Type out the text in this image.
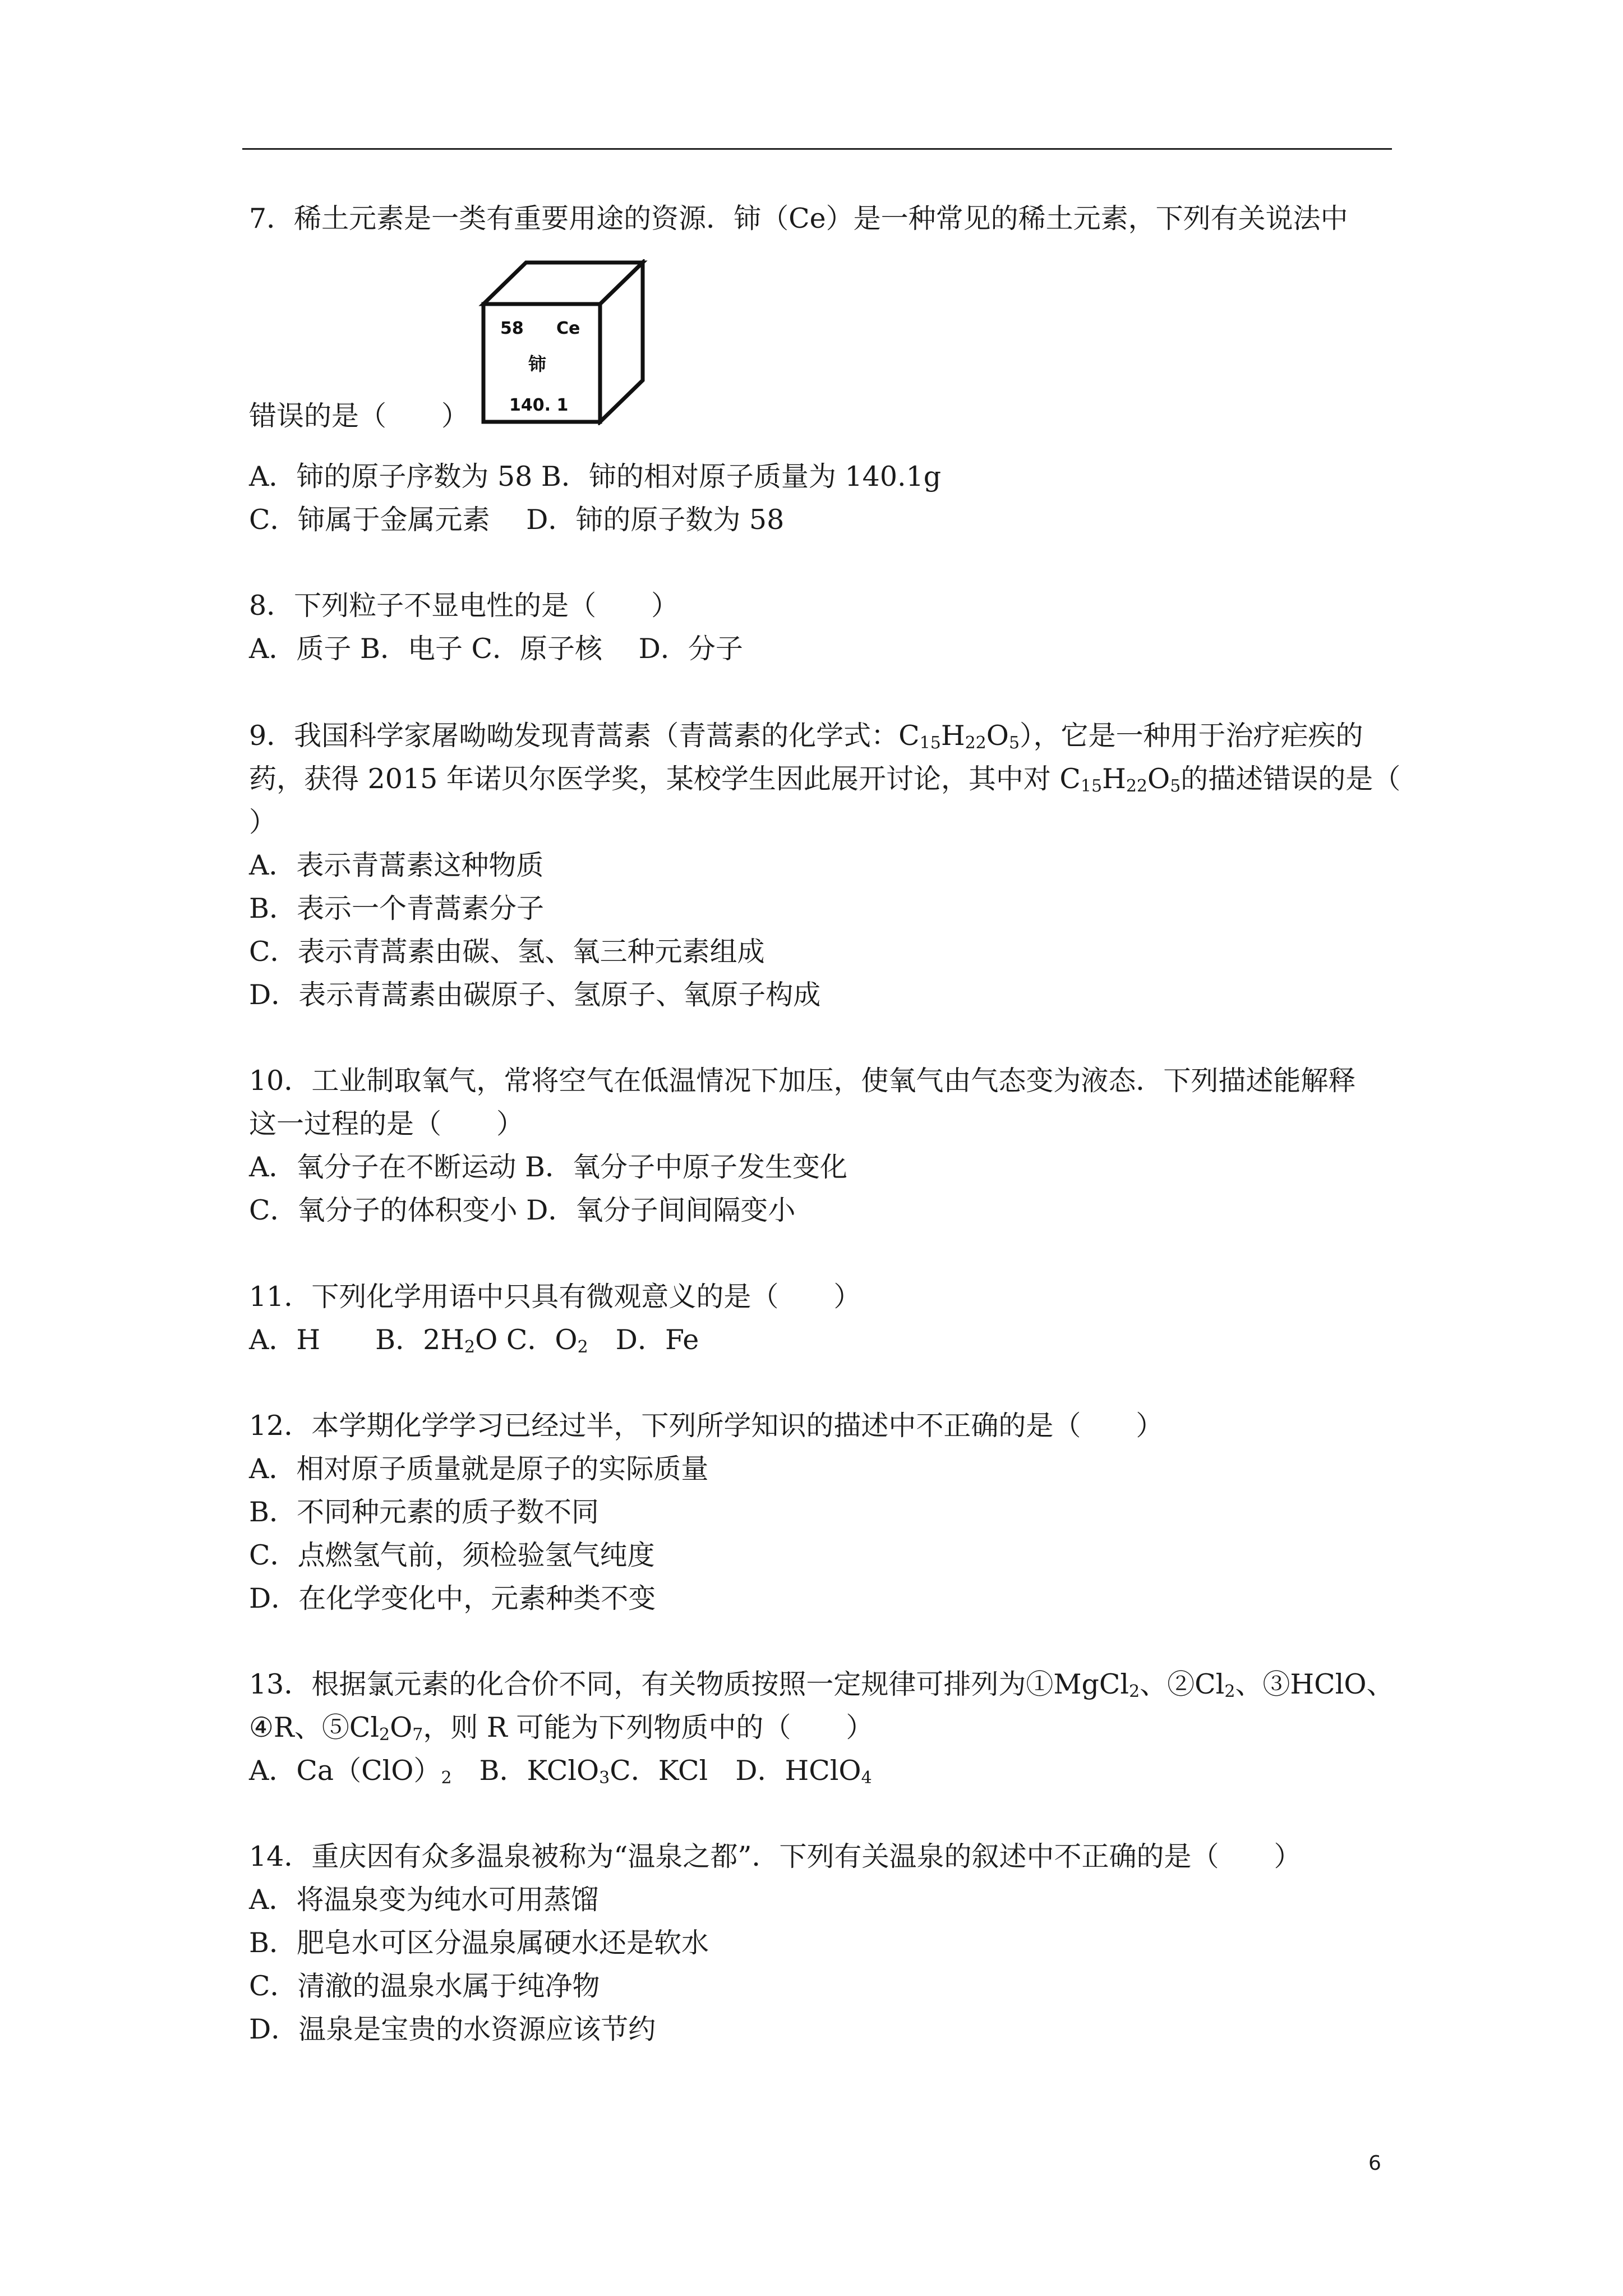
7．稀土元素是一类有重要用途的资源．铈（Ce）是一种常见的稀土元素，下列有关说法中
58 Ce
铈
140. 1
错误的是（　　）
A．铈的原子序数为 58 B．铈的相对原子质量为 140.1g
C．铈属于金属元素　 D．铈的原子数为 58
8．下列粒子不显电性的是（　　）
A．质子 B．电子 C．原子核　 D．分子
9．我国科学家屠呦呦发现青蒿素（青蒿素的化学式：$C_{15}H_{22}O_5$），它是一种用于治疗疟疾的
药，获得 2015 年诺贝尔医学奖，某校学生因此展开讨论，其中对 $C_{15}H_{22}O_5$的描述错误的是（
）
A．表示青蒿素这种物质
B．表示一个青蒿素分子
C．表示青蒿素由碳、氢、氧三种元素组成
D．表示青蒿素由碳原子、氢原子、氧原子构成
10．工业制取氧气，常将空气在低温情况下加压，使氧气由气态变为液态．下列描述能解释
这一过程的是（　　）
A．氧分子在不断运动 B．氧分子中原子发生变化
C．氧分子的体积变小 D．氧分子间间隔变小
11．下列化学用语中只具有微观意义的是（　　）
A．H　　B．$2H_2O$ C．$O_2$　D．Fe
12．本学期化学学习已经过半，下列所学知识的描述中不正确的是（　　）
A．相对原子质量就是原子的实际质量
B．不同种元素的质子数不同
C．点燃氢气前，须检验氢气纯度
D．在化学变化中，元素种类不变
13．根据氯元素的化合价不同，有关物质按照一定规律可排列为①MgCl$_2$、$②Cl_2$、③HClO、
④R、$⑤Cl_2O_7$，则 R 可能为下列物质中的（　　）
A．$Ca(ClO)_2$　B．KClO$_3$C．KCl　D．HClO$_4$
14．重庆因有众多温泉被称为“温泉之都”．下列有关温泉的叙述中不正确的是（　　）
A．将温泉变为纯水可用蒸馏
B．肥皂水可区分温泉属硬水还是软水
C．清澈的温泉水属于纯净物
D．温泉是宝贵的水资源应该节约
6
